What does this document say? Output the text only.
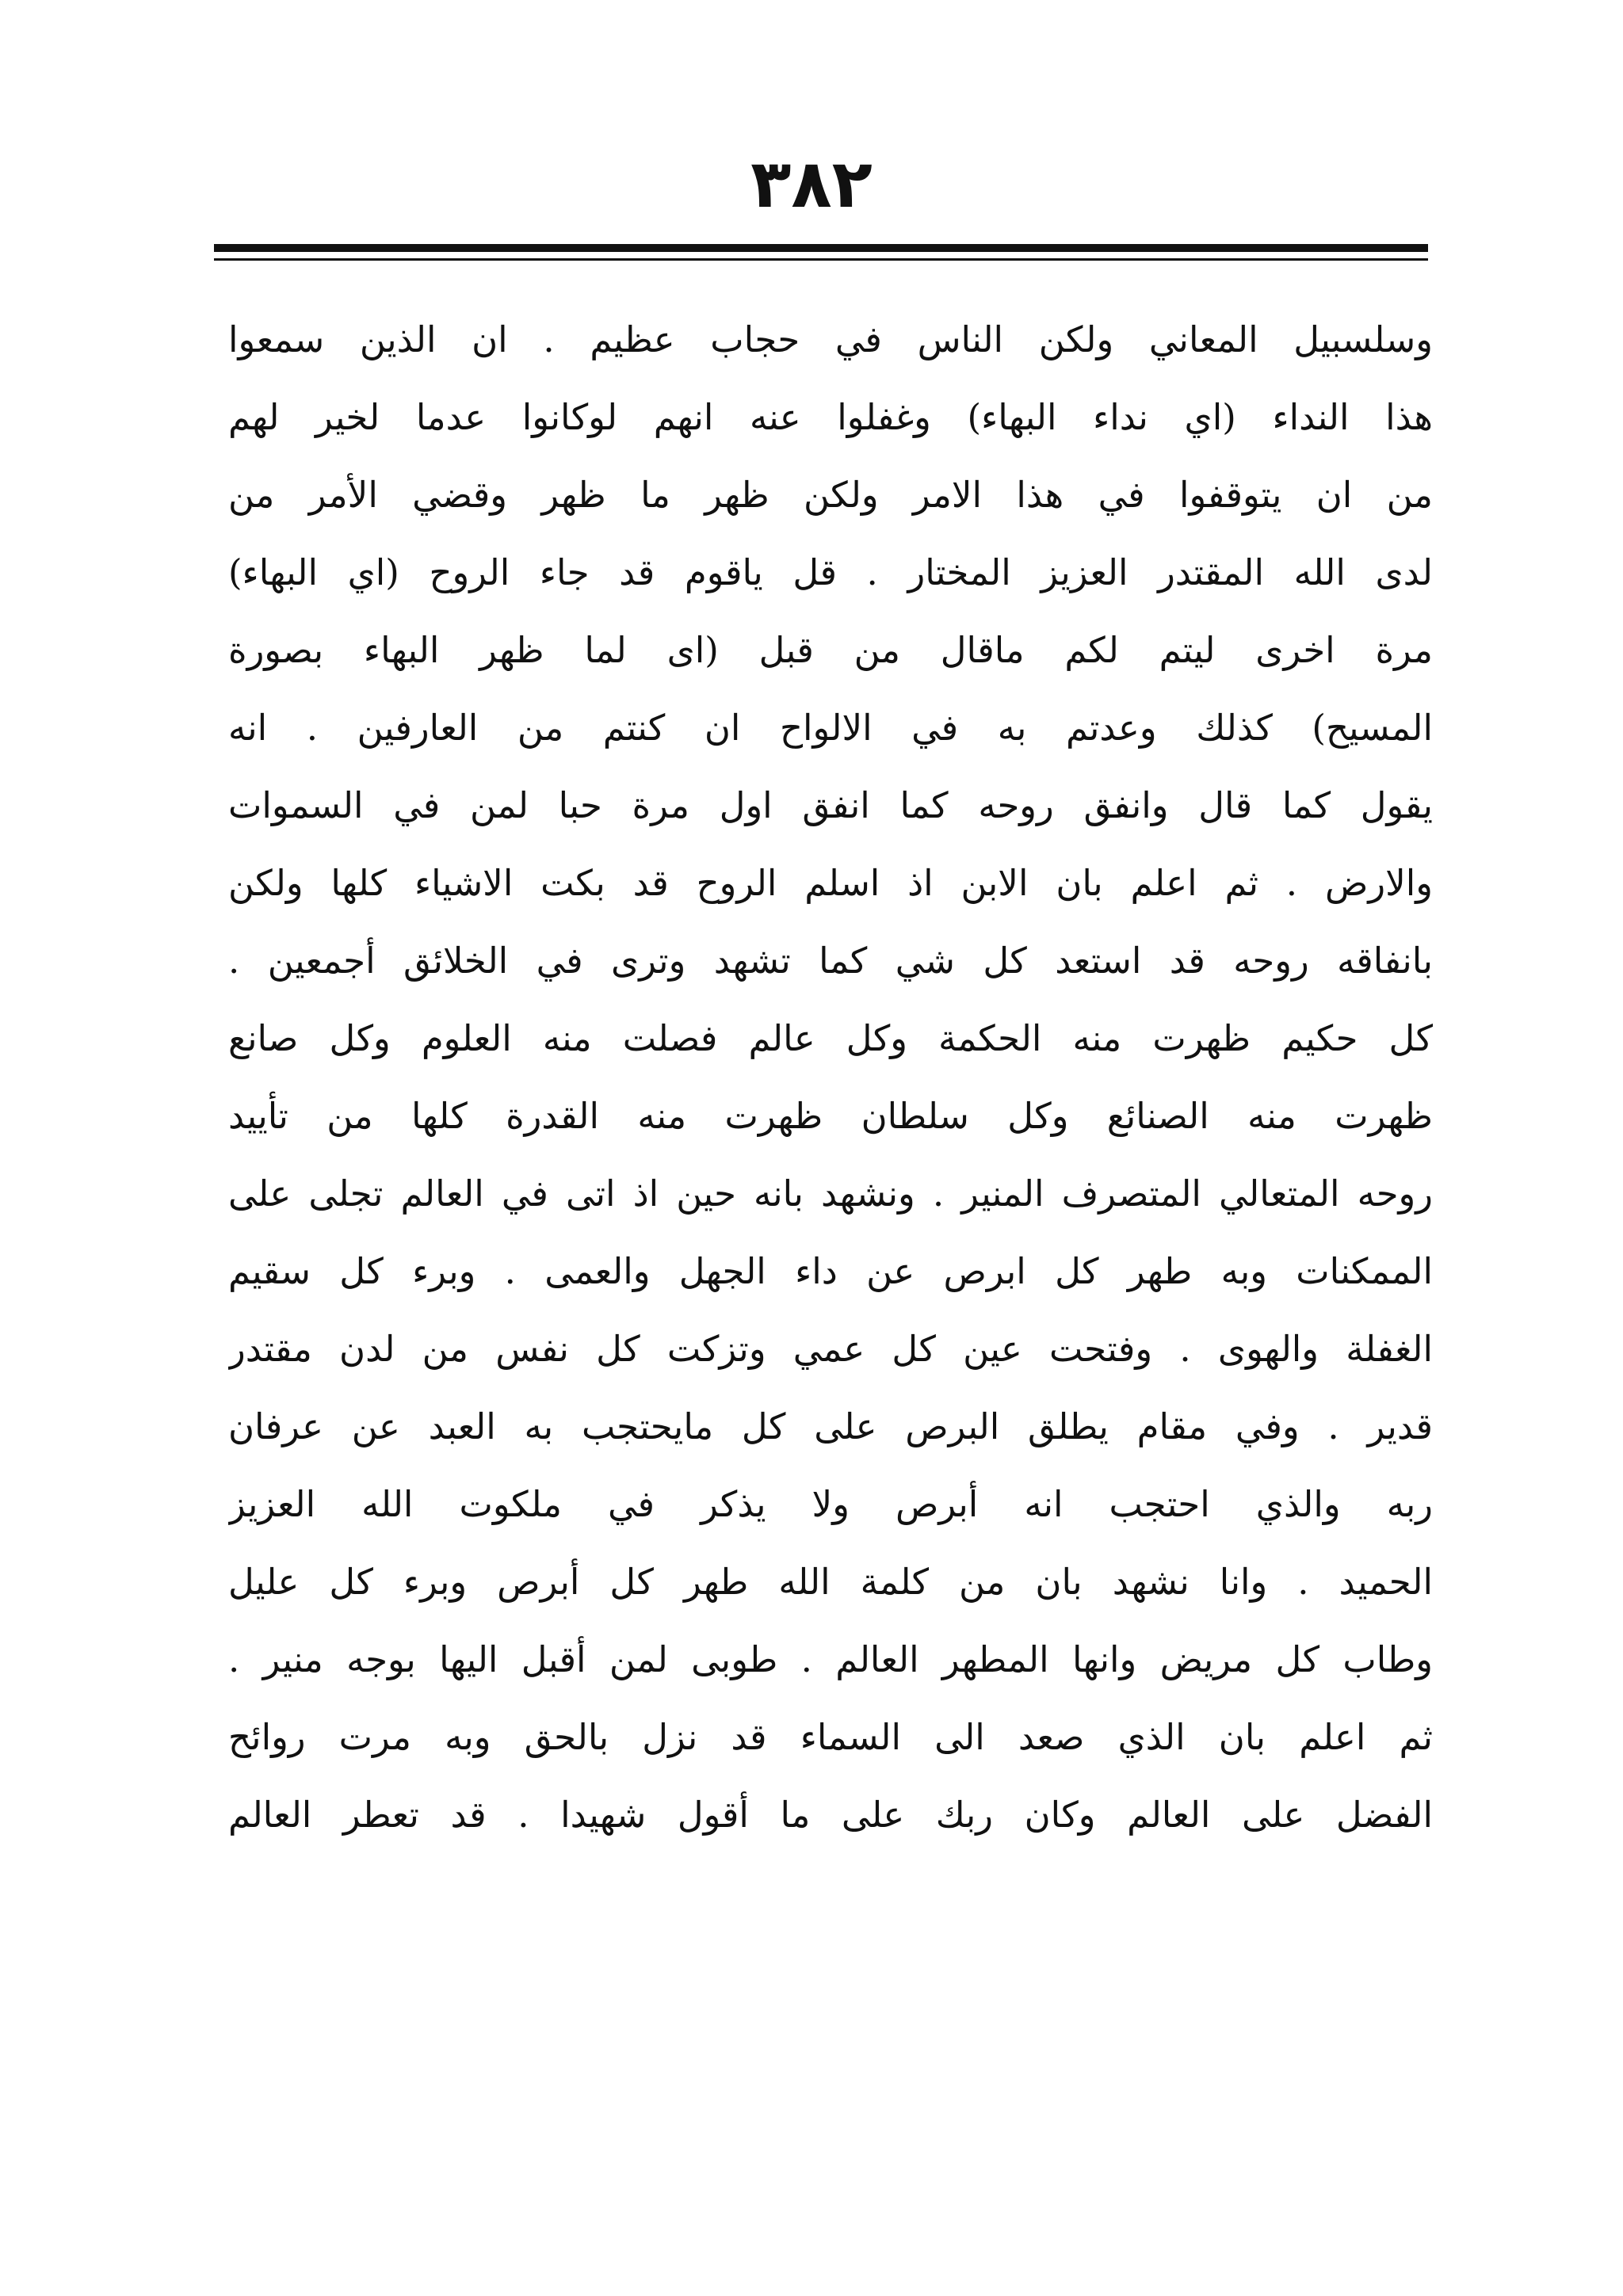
٣٨٢
وسلسبيل المعاني ولكن الناس في حجاب عظيم . ان الذين سمعوا
هذا النداء (اي نداء البهاء) وغفلوا عنه انهم لوكانوا عدما لخير لهم
من ان يتوقفوا في هذا الامر ولكن ظهر ما ظهر وقضي الأمر من
لدى الله المقتدر العزيز المختار . قل ياقوم قد جاء الروح (اي البهاء)
مرة اخرى ليتم لكم ماقال من قبل (اى لما ظهر البهاء بصورة
المسيح) كذلك وعدتم به في الالواح ان كنتم من العارفين . انه
يقول كما قال وانفق روحه كما انفق اول مرة حبا لمن في السموات
والارض . ثم اعلم بان الابن اذ اسلم الروح قد بكت الاشياء كلها ولكن
بانفاقه روحه قد استعد كل شي كما تشهد وترى في الخلائق أجمعين .
كل حكيم ظهرت منه الحكمة وكل عالم فصلت منه العلوم وكل صانع
ظهرت منه الصنائع وكل سلطان ظهرت منه القدرة كلها من تأييد
روحه المتعالي المتصرف المنير . ونشهد بانه حين اذ اتى في العالم تجلى على
الممكنات وبه طهر كل ابرص عن داء الجهل والعمى . وبرء كل سقيم
الغفلة والهوى . وفتحت عين كل عمي وتزكت كل نفس من لدن مقتدر
قدير . وفي مقام يطلق البرص على كل مايحتجب به العبد عن عرفان
ربه والذي احتجب انه أبرص ولا يذكر في ملكوت الله العزيز
الحميد . وانا نشهد بان من كلمة الله طهر كل أبرص وبرء كل عليل
وطاب كل مريض وانها المطهر العالم . طوبى لمن أقبل اليها بوجه منير .
ثم اعلم بان الذي صعد الى السماء قد نزل بالحق وبه مرت روائح
الفضل على العالم وكان ربك على ما أقول شهيدا . قد تعطر العالم
